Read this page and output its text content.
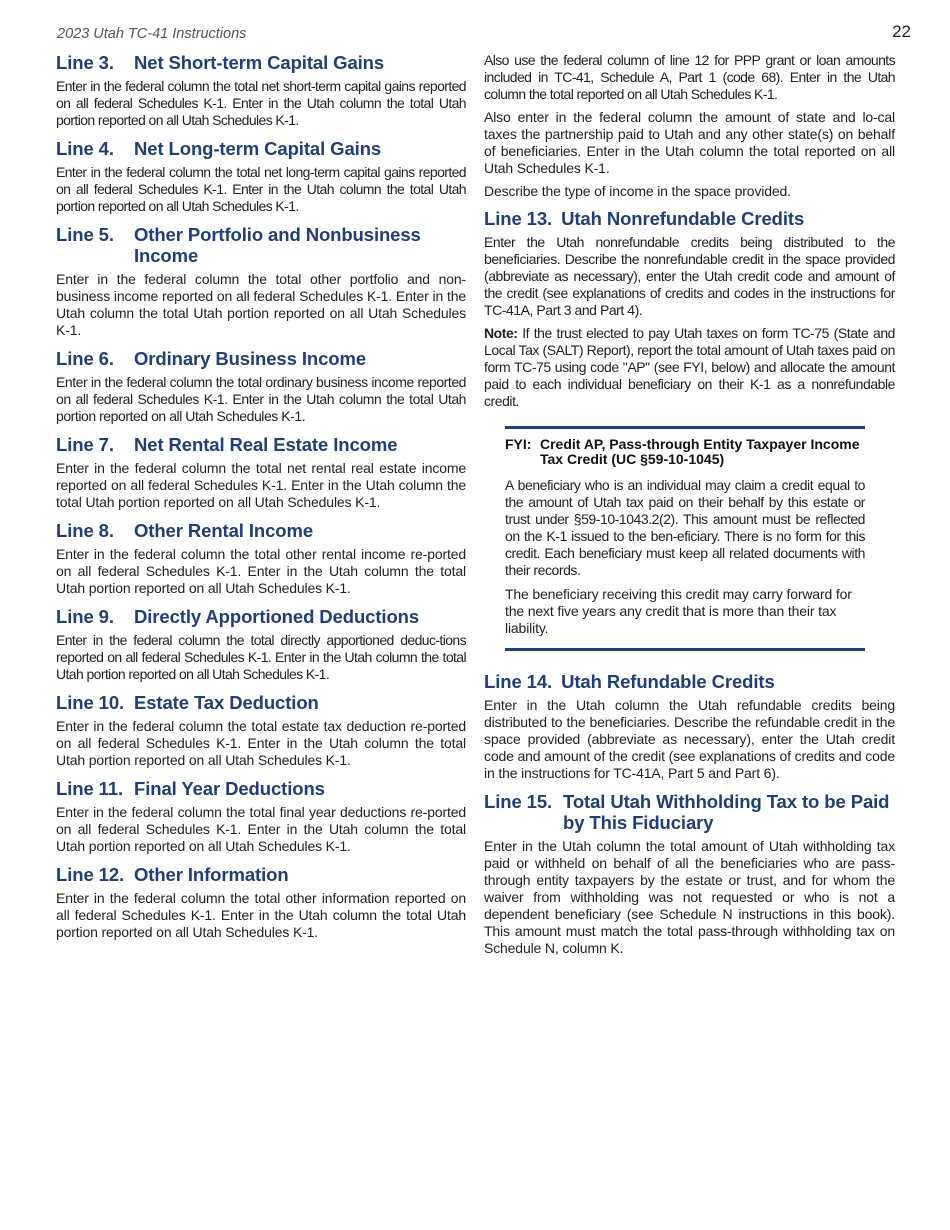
2023 Utah TC-41 Instructions	22
Line 3.	Net Short-term Capital Gains

Enter in the federal column the total net short-term capital gains reported on all federal Schedules K-1. Enter in the Utah column the total Utah portion reported on all Utah Schedules K-1.

Line 4.	Net Long-term Capital Gains

Enter in the federal column the total net long-term capital gains reported on all federal Schedules K-1. Enter in the Utah column the total Utah portion reported on all Utah Schedules K-1.

Line 5.	Other Portfolio and Nonbusiness Income

Enter in the federal column the total other portfolio and non-business income reported on all federal Schedules K-1. Enter in the Utah column the total Utah portion reported on all Utah Schedules K-1.

Line 6.	Ordinary Business Income

Enter in the federal column the total ordinary business income reported on all federal Schedules K-1. Enter in the Utah column the total Utah portion reported on all Utah Schedules K-1.

Line 7.	Net Rental Real Estate Income

Enter in the federal column the total net rental real estate income reported on all federal Schedules K-1. Enter in the Utah column the total Utah portion reported on all Utah Schedules K-1.

Line 8.	Other Rental Income

Enter in the federal column the total other rental income re-ported on all federal Schedules K-1. Enter in the Utah column the total Utah portion reported on all Utah Schedules K-1.

Line 9.	Directly Apportioned Deductions

Enter in the federal column the total directly apportioned deduc-tions reported on all federal Schedules K-1. Enter in the Utah column the total Utah portion reported on all Utah Schedules K-1.

Line 10. Estate Tax Deduction

Enter in the federal column the total estate tax deduction re-ported on all federal Schedules K-1. Enter in the Utah column the total Utah portion reported on all Utah Schedules K-1.

Line 11. Final Year Deductions

Enter in the federal column the total final year deductions re-ported on all federal Schedules K-1. Enter in the Utah column the total Utah portion reported on all Utah Schedules K-1.

Line 12. Other Information

Enter in the federal column the total other information reported on all federal Schedules K-1. Enter in the Utah column the total Utah portion reported on all Utah Schedules K-1.

Also use the federal column of line 12 for PPP grant or loan amounts included in TC-41, Schedule A, Part 1 (code 68). Enter in the Utah column the total reported on all Utah Schedules K-1.

Also enter in the federal column the amount of state and lo-cal taxes the partnership paid to Utah and any other state(s) on behalf of beneficiaries. Enter in the Utah column the total reported on all Utah Schedules K-1.

Describe the type of income in the space provided.

Line 13. Utah Nonrefundable Credits

Enter the Utah nonrefundable credits being distributed to the beneficiaries. Describe the nonrefundable credit in the space provided (abbreviate as necessary), enter the Utah credit code and amount of the credit (see explanations of credits and codes in the instructions for TC-41A, Part 3 and Part 4).

Note: If the trust elected to pay Utah taxes on form TC-75 (State and Local Tax (SALT) Report), report the total amount of Utah taxes paid on form TC-75 using code "AP" (see FYI, below) and allocate the amount paid to each individual beneficiary on their K-1 as a nonrefundable credit.

FYI: Credit AP, Pass-through Entity Taxpayer Income Tax Credit (UC §59-10-1045)

A beneficiary who is an individual may claim a credit equal to the amount of Utah tax paid on their behalf by this estate or trust under §59-10-1043.2(2). This amount must be reflected on the K-1 issued to the ben-eficiary. There is no form for this credit. Each beneficiary must keep all related documents with their records.

The beneficiary receiving this credit may carry forward for the next five years any credit that is more than their tax liability.

Line 14. Utah Refundable Credits

Enter in the Utah column the Utah refundable credits being distributed to the beneficiaries. Describe the refundable credit in the space provided (abbreviate as necessary), enter the Utah credit code and amount of the credit (see explanations of credits and code in the instructions for TC-41A, Part 5 and Part 6).

Line 15. Total Utah Withholding Tax to be Paid by This Fiduciary

Enter in the Utah column the total amount of Utah withholding tax paid or withheld on behalf of all the beneficiaries who are pass-through entity taxpayers by the estate or trust, and for whom the waiver from withholding was not requested or who is not a dependent beneficiary (see Schedule N instructions in this book). This amount must match the total pass-through withholding tax on Schedule N, column K.
